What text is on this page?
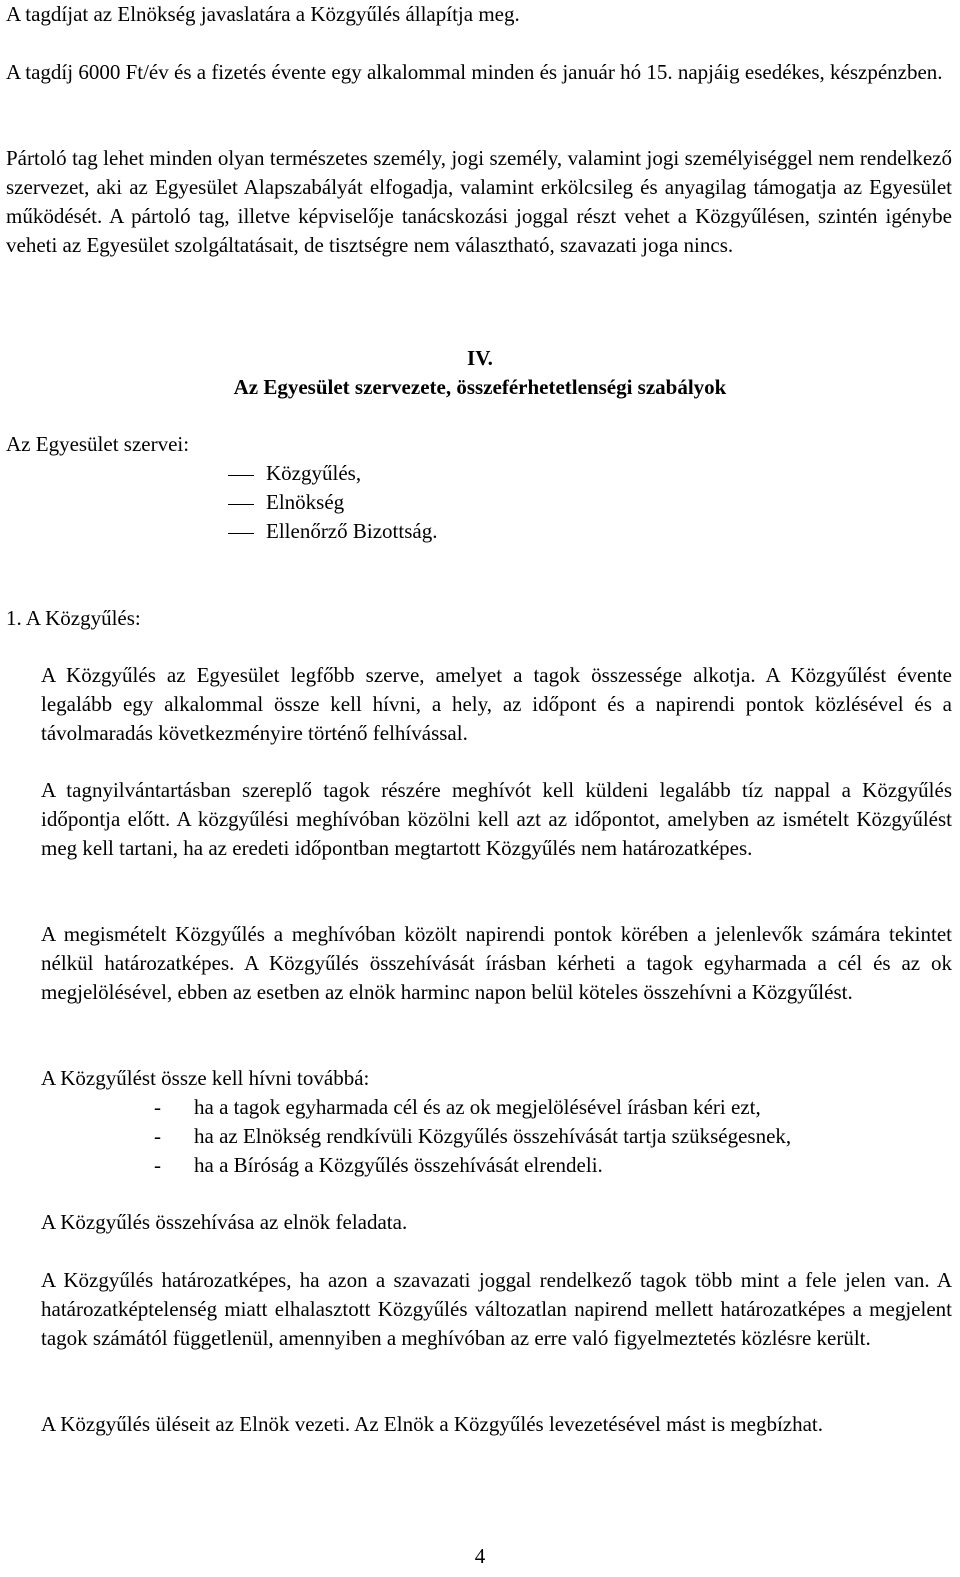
A tagdíjat az Elnökség javaslatára a Közgyűlés állapítja meg.

A tagdíj 6000 Ft/év és a fizetés évente egy alkalommal minden és január hó 15. napjáig esedékes, készpénzben.

Pártoló tag lehet minden olyan természetes személy, jogi személy, valamint jogi személyiséggel nem rendelkező szervezet, aki az Egyesület Alapszabályát elfogadja, valamint erkölcsileg és anyagilag támogatja az Egyesület működését. A pártoló tag, illetve képviselője tanácskozási joggal részt vehet a Közgyűlésen, szintén igénybe veheti az Egyesület szolgáltatásait, de tisztségre nem választható, szavazati joga nincs.

IV.

Az Egyesület szervezete, összeférhetetlenségi szabályok

Az Egyesület szervei:
Közgyűlés,
Elnökség
Ellenőrző Bizottság.
1. A Közgyűlés:

A Közgyűlés az Egyesület legfőbb szerve, amelyet a tagok összessége alkotja. A Közgyűlést évente legalább egy alkalommal össze kell hívni, a hely, az időpont és a napirendi pontok közlésével és a távolmaradás következményire történő felhívással.

A tagnyilvántartásban szereplő tagok részére meghívót kell küldeni legalább tíz nappal a Közgyűlés időpontja előtt. A közgyűlési meghívóban közölni kell azt az időpontot, amelyben az ismételt Közgyűlést meg kell tartani, ha az eredeti időpontban megtartott Közgyűlés nem határozatképes.

A megismételt Közgyűlés a meghívóban közölt napirendi pontok körében a jelenlevők számára tekintet nélkül határozatképes. A Közgyűlés összehívását írásban kérheti a tagok egyharmada a cél és az ok megjelölésével, ebben az esetben az elnök harminc napon belül köteles összehívni a Közgyűlést.

A Közgyűlést össze kell hívni továbbá:
- ha a tagok egyharmada cél és az ok megjelölésével írásban kéri ezt,
- ha az Elnökség rendkívüli Közgyűlés összehívását tartja szükségesnek,
- ha a Bíróság a Közgyűlés összehívását elrendeli.

A Közgyűlés összehívása az elnök feladata.

A Közgyűlés határozatképes, ha azon a szavazati joggal rendelkező tagok több mint a fele jelen van. A határozatképtelenség miatt elhalasztott Közgyűlés változatlan napirend mellett határozatképes a megjelent tagok számától függetlenül, amennyiben a meghívóban az erre való figyelmeztetés közlésre került.

A Közgyűlés üléseit az Elnök vezeti. Az Elnök a Közgyűlés levezetésével mást is megbízhat.

4
